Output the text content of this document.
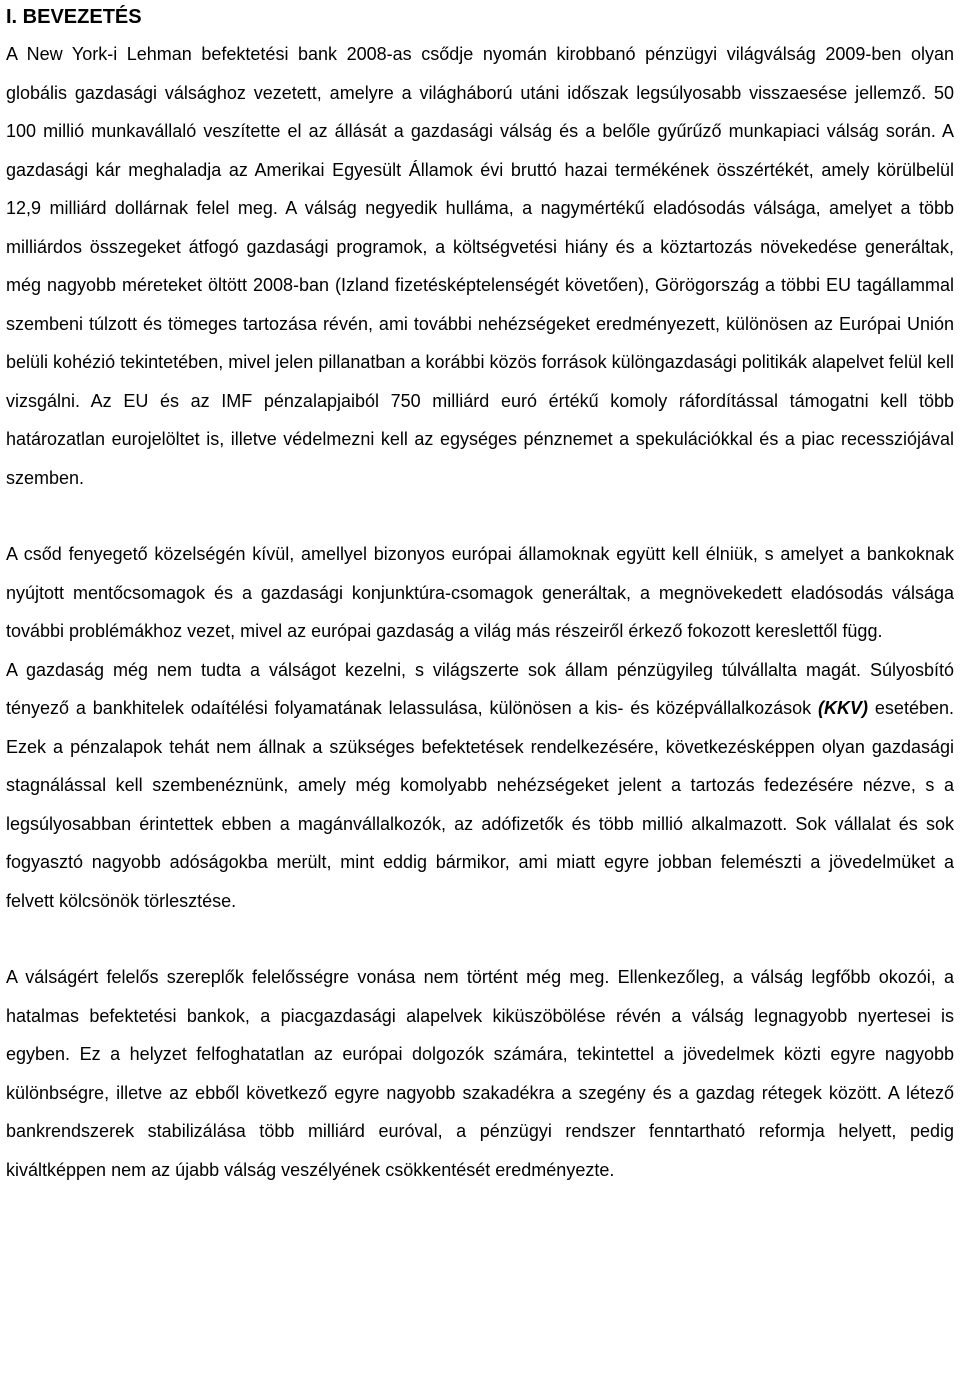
I. BEVEZETÉS

A New York-i Lehman befektetési bank 2008-as csődje nyomán kirobbanó pénzügyi világválság 2009-ben olyan globális gazdasági válsághoz vezetett, amelyre a világháború utáni időszak legsúlyosabb visszaesése jellemző. 50 100 millió munkavállaló veszítette el az állását a gazdasági válság és a belőle gyűrűző munkapiaci válság során. A gazdasági kár meghaladja az Amerikai Egyesült Államok évi bruttó hazai termékének összértékét, amely körülbelül 12,9 milliárd dollárnak felel meg. A válság negyedik hulláma, a nagymértékű eladósodás válsága, amelyet a több milliárdos összegeket átfogó gazdasági programok, a költségvetési hiány és a köztartozás növekedése generáltak, még nagyobb méreteket öltött 2008-ban (Izland fizetésképtelenségét követően), Görögország a többi EU tagállammal szembeni túlzott és tömeges tartozása révén, ami további nehézségeket eredményezett, különösen az Európai Unión belüli kohézió tekintetében, mivel jelen pillanatban a korábbi közös források különgazdasági politikák alapelvet felül kell vizsgálni. Az EU és az IMF pénzalapjaiból 750 milliárd euró értékű komoly ráfordítással támogatni kell több határozatlan eurojelöltet is, illetve védelmezni kell az egységes pénznemet a spekulációkkal és a piac recessziójával szemben.

A csőd fenyegető közelségén kívül, amellyel bizonyos európai államoknak együtt kell élniük, s amelyet a bankoknak nyújtott mentőcsomagok és a gazdasági konjunktúra-csomagok generáltak, a megnövekedett eladósodás válsága további problémákhoz vezet, mivel az európai gazdaság a világ más részeiről érkező fokozott kereslettől függ.

A gazdaság még nem tudta a válságot kezelni, s világszerte sok állam pénzügyileg túlvállalta magát. Súlyosbító tényező a bankhitelek odaítélési folyamatának lelassulása, különösen a kis- és középvállalkozások (KKV) esetében. Ezek a pénzalapok tehát nem állnak a szükséges befektetések rendelkezésére, következésképpen olyan gazdasági stagnálással kell szembenéznünk, amely még komolyabb nehézségeket jelent a tartozás fedezésére nézve, s a legsúlyosabban érintettek ebben a magánvállalkozók, az adófizetők és több millió alkalmazott. Sok vállalat és sok fogyasztó nagyobb adóságokba merült, mint eddig bármikor, ami miatt egyre jobban felemészti a jövedelmüket a felvett kölcsönök törlesztése.

A válságért felelős szereplők felelősségre vonása nem történt még meg. Ellenkezőleg, a válság legfőbb okozói, a hatalmas befektetési bankok, a piacgazdasági alapelvek kiküszöbölése révén a válság legnagyobb nyertesei is egyben. Ez a helyzet felfoghatatlan az európai dolgozók számára, tekintettel a jövedelmek közti egyre nagyobb különbségre, illetve az ebből következő egyre nagyobb szakadékra a szegény és a gazdag rétegek között. A létező bankrendszerek stabilizálása több milliárd euróval, a pénzügyi rendszer fenntartható reformja helyett, pedig kiváltképpen nem az újabb válság veszélyének csökkentését eredményezte.
